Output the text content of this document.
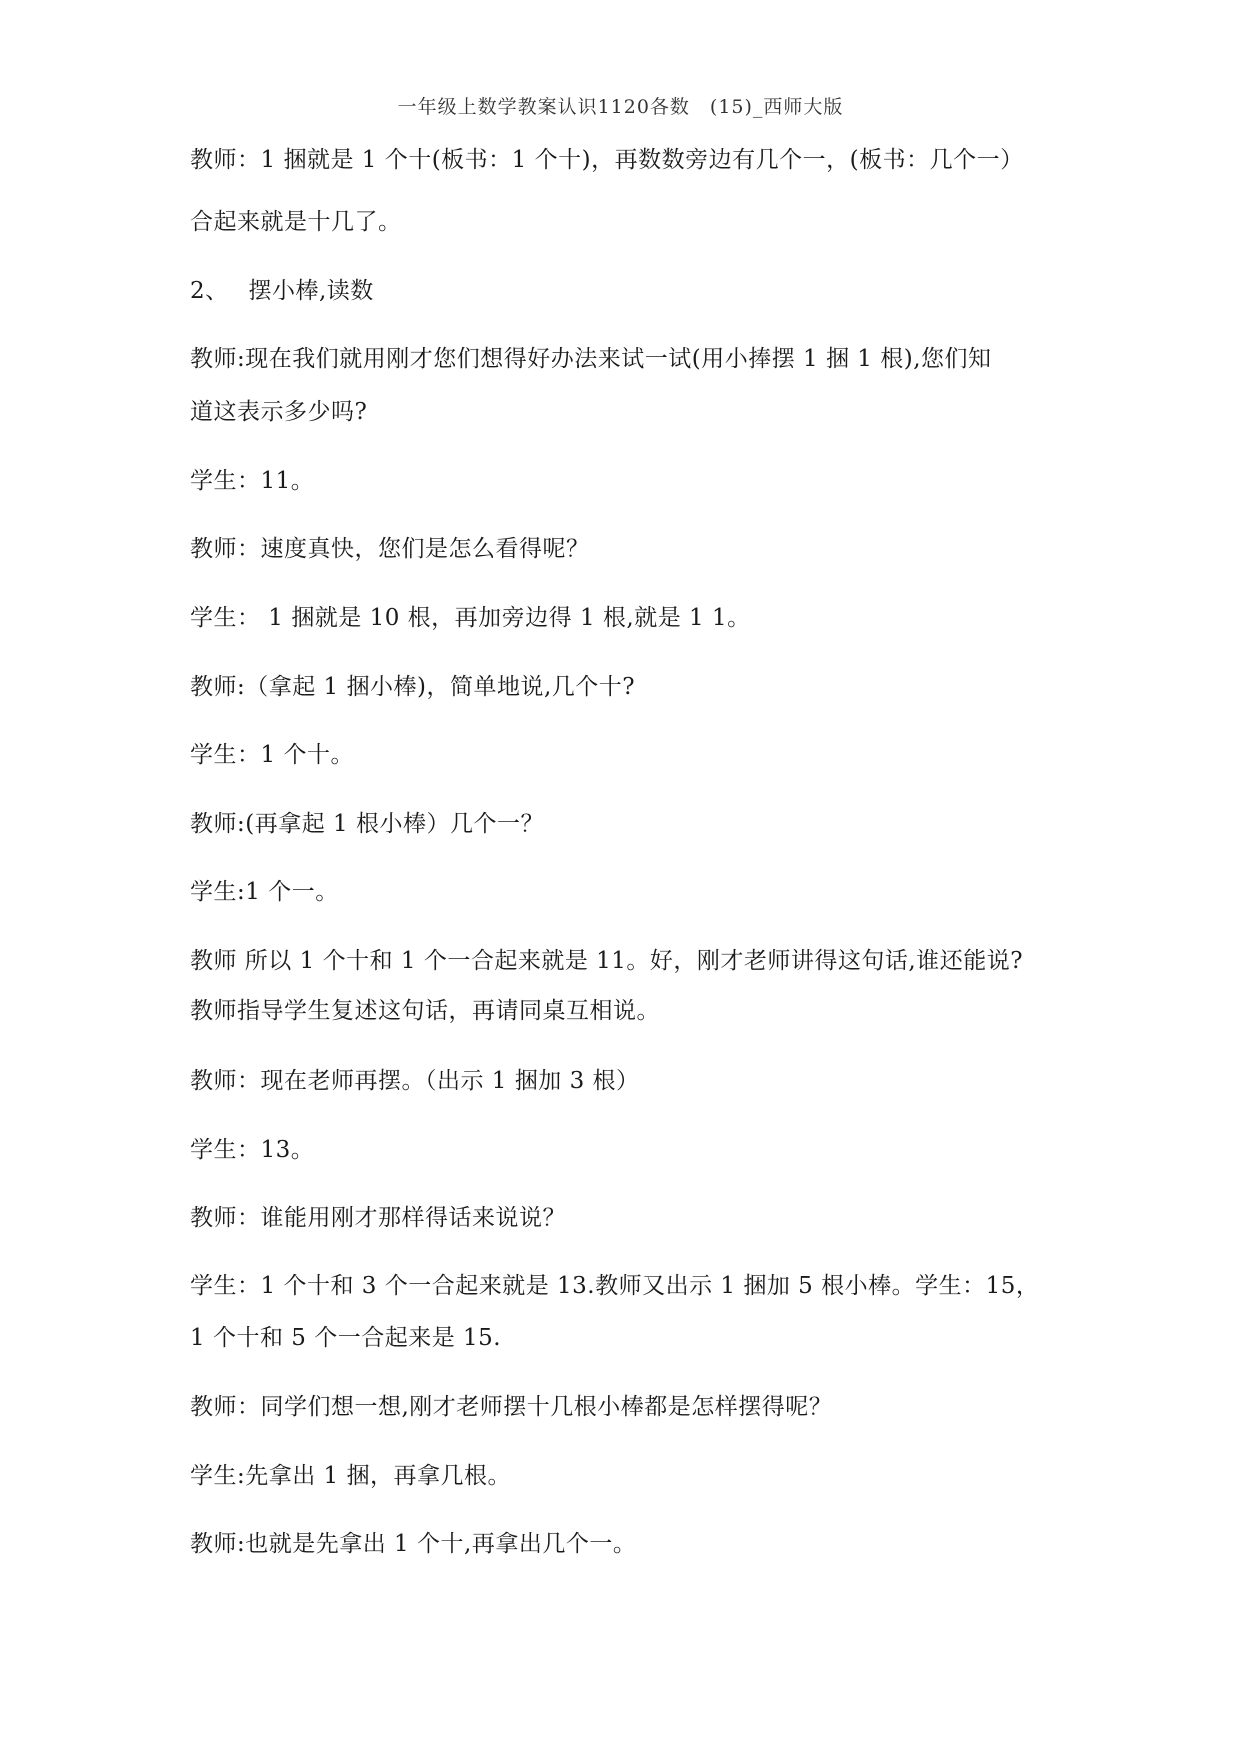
一年级上数学教案认识1120各数　(15)_西师大版
教师：1 捆就是 1 个十(板书：1 个十)，再数数旁边有几个一，(板书：几个一）
合起来就是十几了。
2、　 摆小棒,读数
教师:现在我们就用刚才您们想得好办法来试一试(用小捧摆 1 捆 1 根),您们知
道这表示多少吗?
学生：11。
教师：速度真快，您们是怎么看得呢？
学生： 1 捆就是 10 根，再加旁边得 1 根,就是 1 1。
教师:（拿起 1 捆小棒)，简单地说,几个十?
学生：1 个十。
教师:(再拿起 1 根小棒）几个一？
学生:1 个一。
教师 所以 1 个十和 1 个一合起来就是 11。好，刚才老师讲得这句话,谁还能说?
教师指导学生复述这句话，再请同桌互相说。
教师：现在老师再摆。（出示 1 捆加 3 根）
学生：13。
教师：谁能用刚才那样得话来说说？
学生：1 个十和 3 个一合起来就是 13.教师又出示 1 捆加 5 根小棒。学生：15，
1 个十和 5 个一合起来是 15.
教师：同学们想一想,刚才老师摆十几根小棒都是怎样摆得呢？
学生:先拿出 1 捆，再拿几根。
教师:也就是先拿出 1 个十,再拿出几个一。
